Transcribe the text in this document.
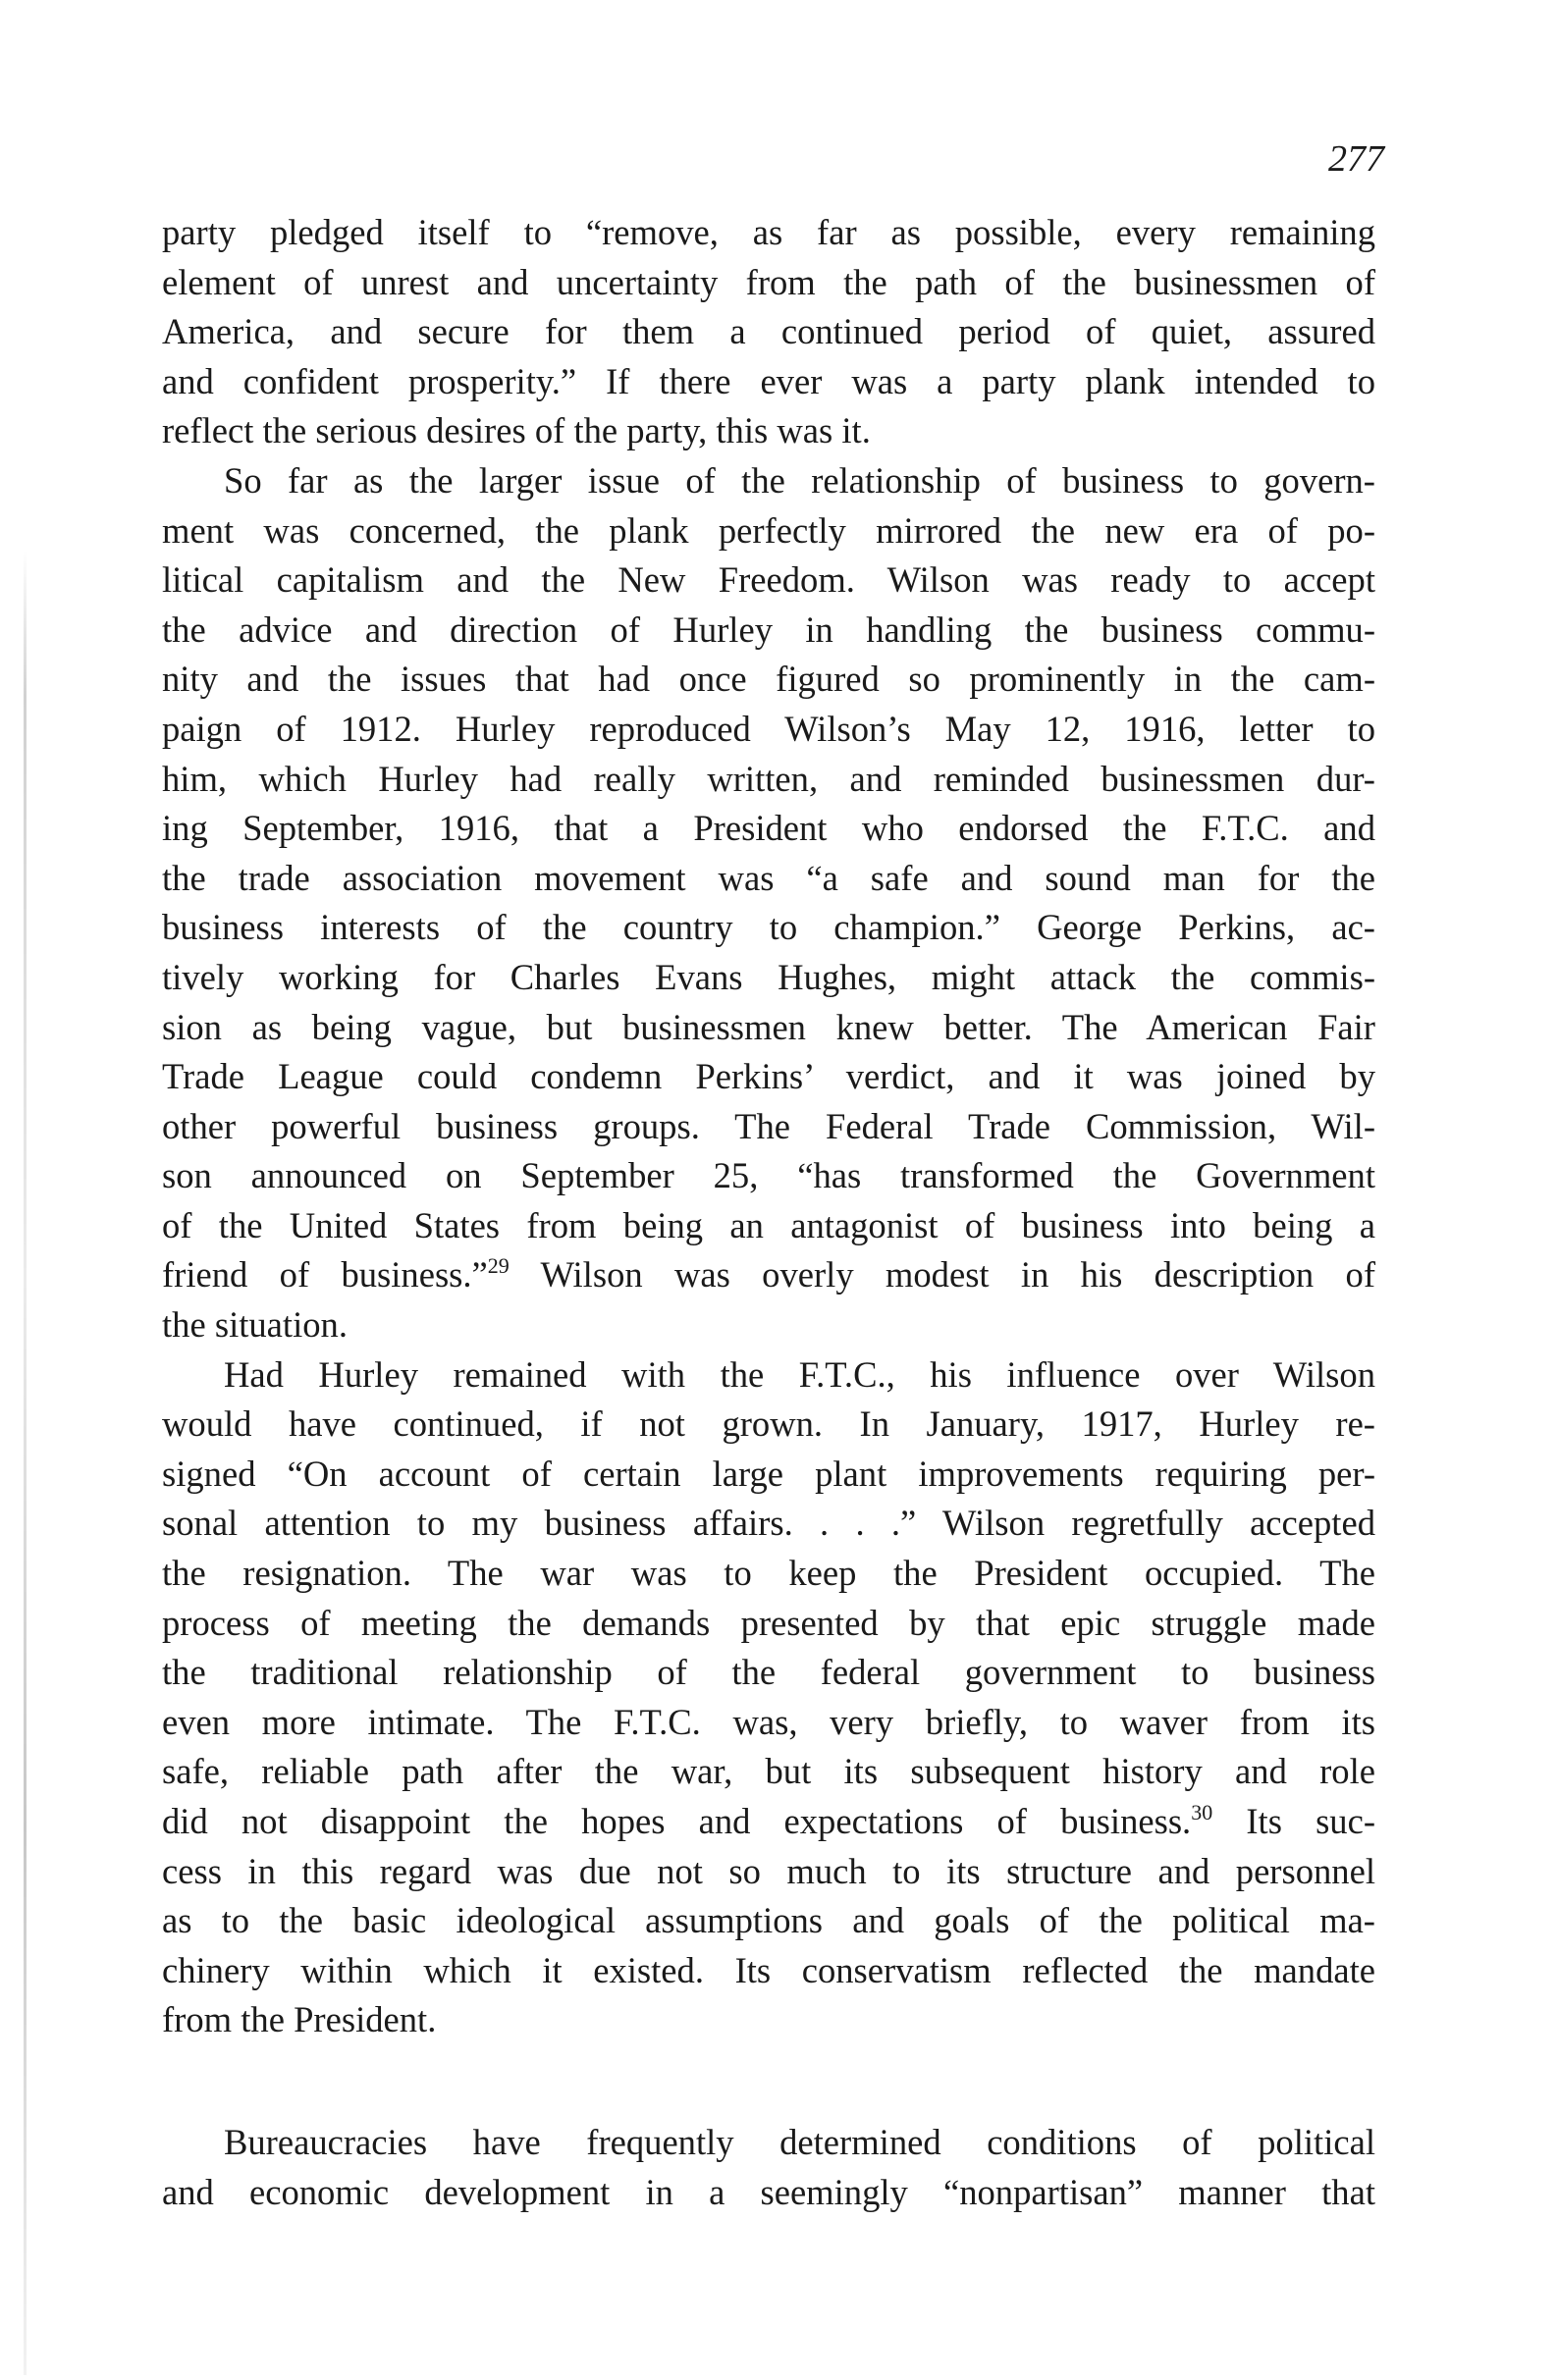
277

party pledged itself to “remove, as far as possible, every remaining
element of unrest and uncertainty from the path of the businessmen of
America, and secure for them a continued period of quiet, assured
and confident prosperity.” If there ever was a party plank intended to
reflect the serious desires of the party, this was it.

So far as the larger issue of the relationship of business to govern-
ment was concerned, the plank perfectly mirrored the new era of po-
litical capitalism and the New Freedom. Wilson was ready to accept
the advice and direction of Hurley in handling the business commu-
nity and the issues that had once figured so prominently in the cam-
paign of 1912. Hurley reproduced Wilson’s May 12, 1916, letter to
him, which Hurley had really written, and reminded businessmen dur-
ing September, 1916, that a President who endorsed the F.T.C. and
the trade association movement was “a safe and sound man for the
business interests of the country to champion.” George Perkins, ac-
tively working for Charles Evans Hughes, might attack the commis-
sion as being vague, but businessmen knew better. The American Fair
Trade League could condemn Perkins’ verdict, and it was joined by
other powerful business groups. The Federal Trade Commission, Wil-
son announced on September 25, “has transformed the Government
of the United States from being an antagonist of business into being a
friend of business.”$^{29}$ Wilson was overly modest in his description of
the situation.

Had Hurley remained with the F.T.C., his influence over Wilson
would have continued, if not grown. In January, 1917, Hurley re-
signed “On account of certain large plant improvements requiring per-
sonal attention to my business affairs. . . .” Wilson regretfully accepted
the resignation. The war was to keep the President occupied. The
process of meeting the demands presented by that epic struggle made
the traditional relationship of the federal government to business
even more intimate. The F.T.C. was, very briefly, to waver from its
safe, reliable path after the war, but its subsequent history and role
did not disappoint the hopes and expectations of business.$^{30}$ Its suc-
cess in this regard was due not so much to its structure and personnel
as to the basic ideological assumptions and goals of the political ma-
chinery within which it existed. Its conservatism reflected the mandate
from the President.

Bureaucracies have frequently determined conditions of political
and economic development in a seemingly “nonpartisan” manner that
